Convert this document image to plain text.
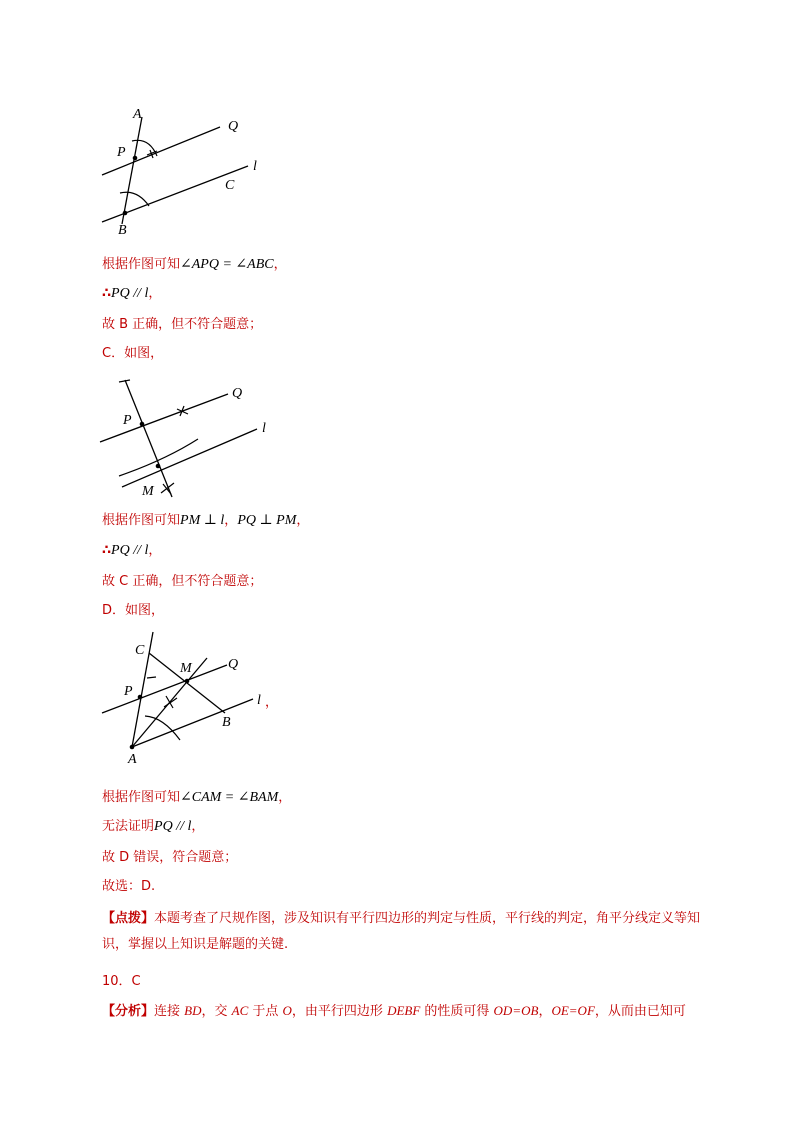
A
P
Q
l
C
B
根据作图可知∠APQ = ∠ABC，
∴PQ // l，
故 B 正确，但不符合题意；
C．如图，
P
Q
l
M
根据作图可知PM ⊥ l，PQ ⊥ PM，
∴PQ // l，
故 C 正确，但不符合题意；
D．如图，
C
M	Q
P
l
B
A
，
根据作图可知∠CAM = ∠BAM，
无法证明PQ // l，
故 D 错误，符合题意；
故选：D.
【点拨】本题考查了尺规作图，涉及知识有平行四边形的判定与性质，平行线的判定，角平分线定义等知识，掌握以上知识是解题的关键.
10．C
【分析】连接 BD，交 AC 于点 O，由平行四边形 DEBF 的性质可得 OD=OB，OE=OF，从而由已知可
